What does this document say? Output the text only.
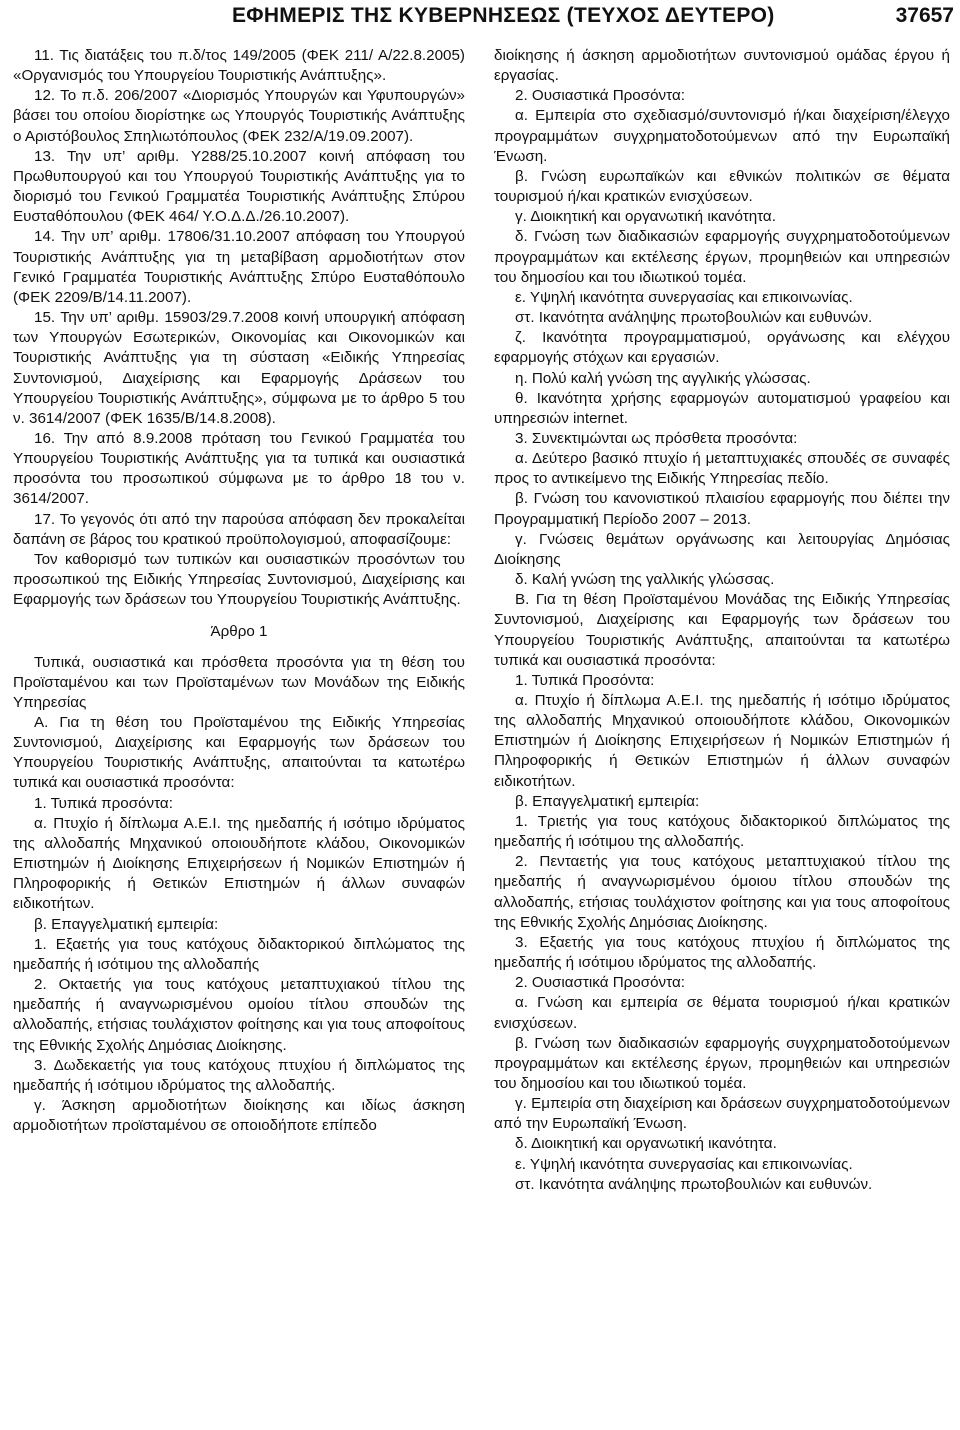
ΕΦΗΜΕΡΙΣ ΤΗΣ ΚΥΒΕΡΝΗΣΕΩΣ (ΤΕΥΧΟΣ ΔΕΥΤΕΡΟ)	37657

11. Τις διατάξεις του π.δ/τος 149/2005 (ΦΕΚ 211/ Α/22.8.2005) «Οργανισμός του Υπουργείου Τουριστικής Ανάπτυξης».

12. Το π.δ. 206/2007 «Διορισμός Υπουργών και Υφυπουργών» βάσει του οποίου διορίστηκε ως Υπουργός Τουριστικής Ανάπτυξης ο Αριστόβουλος Σπηλιωτόπουλος (ΦΕΚ 232/Α/19.09.2007).

13. Την υπ’ αριθμ. Υ288/25.10.2007 κοινή απόφαση του Πρωθυπουργού και του Υπουργού Τουριστικής Ανάπτυξης για το διορισμό του Γενικού Γραμματέα Τουριστικής Ανάπτυξης Σπύρου Ευσταθόπουλου (ΦΕΚ 464/ Υ.Ο.Δ.Δ./26.10.2007).

14. Την υπ’ αριθμ. 17806/31.10.2007 απόφαση του Υπουργού Τουριστικής Ανάπτυξης για τη μεταβίβαση αρμοδιοτήτων στον Γενικό Γραμματέα Τουριστικής Ανάπτυξης Σπύρο Ευσταθόπουλο (ΦΕΚ 2209/Β/14.11.2007).

15. Την υπ’ αριθμ. 15903/29.7.2008 κοινή υπουργική απόφαση των Υπουργών Εσωτερικών, Οικονομίας και Οικονομικών και Τουριστικής Ανάπτυξης για τη σύσταση «Ειδικής Υπηρεσίας Συντονισμού, Διαχείρισης και Εφαρμογής Δράσεων του Υπουργείου Τουριστικής Ανάπτυξης», σύμφωνα με το άρθρο 5 του ν. 3614/2007 (ΦΕΚ 1635/Β/14.8.2008).

16. Την από 8.9.2008 πρόταση του Γενικού Γραμματέα του Υπουργείου Τουριστικής Ανάπτυξης για τα τυπικά και ουσιαστικά προσόντα του προσωπικού σύμφωνα με το άρθρο 18 του ν. 3614/2007.

17. Το γεγονός ότι από την παρούσα απόφαση δεν προκαλείται δαπάνη σε βάρος του κρατικού προϋπολογισμού, αποφασίζουμε:

Τον καθορισμό των τυπικών και ουσιαστικών προσόντων του προσωπικού της Ειδικής Υπηρεσίας Συντονισμού, Διαχείρισης και Εφαρμογής των δράσεων του Υπουργείου Τουριστικής Ανάπτυξης.

Άρθρο 1

Τυπικά, ουσιαστικά και πρόσθετα προσόντα για τη θέση του Προϊσταμένου και των Προϊσταμένων των Μονάδων της Ειδικής Υπηρεσίας

Α. Για τη θέση του Προϊσταμένου της Ειδικής Υπηρεσίας Συντονισμού, Διαχείρισης και Εφαρμογής των δράσεων του Υπουργείου Τουριστικής Ανάπτυξης, απαιτούνται τα κατωτέρω τυπικά και ουσιαστικά προσόντα:

1. Τυπικά προσόντα:

α. Πτυχίο ή δίπλωμα Α.Ε.Ι. της ημεδαπής ή ισότιμο ιδρύματος της αλλοδαπής Μηχανικού οποιουδήποτε κλάδου, Οικονομικών Επιστημών ή Διοίκησης Επιχειρήσεων ή Νομικών Επιστημών ή Πληροφορικής ή Θετικών Επιστημών ή άλλων συναφών ειδικοτήτων.

β. Επαγγελματική εμπειρία:

1. Εξαετής για τους κατόχους διδακτορικού διπλώματος της ημεδαπής ή ισότιμου της αλλοδαπής

2. Οκταετής για τους κατόχους μεταπτυχιακού τίτλου της ημεδαπής ή αναγνωρισμένου ομοίου τίτλου σπουδών της αλλοδαπής, ετήσιας τουλάχιστον φοίτησης και για τους αποφοίτους της Εθνικής Σχολής Δημόσιας Διοίκησης.

3. Δωδεκαετής για τους κατόχους πτυχίου ή διπλώματος της ημεδαπής ή ισότιμου ιδρύματος της αλλοδαπής.

γ. Άσκηση αρμοδιοτήτων διοίκησης και ιδίως άσκηση αρμοδιοτήτων προϊσταμένου σε οποιοδήποτε επίπεδο

διοίκησης ή άσκηση αρμοδιοτήτων συντονισμού ομάδας έργου ή εργασίας.

2. Ουσιαστικά Προσόντα:

α. Εμπειρία στο σχεδιασμό/συντονισμό ή/και διαχείριση/έλεγχο προγραμμάτων συγχρηματοδοτούμενων από την Ευρωπαϊκή Ένωση.

β. Γνώση ευρωπαϊκών και εθνικών πολιτικών σε θέματα τουρισμού ή/και κρατικών ενισχύσεων.

γ. Διοικητική και οργανωτική ικανότητα.

δ. Γνώση των διαδικασιών εφαρμογής συγχρηματοδοτούμενων προγραμμάτων και εκτέλεσης έργων, προμηθειών και υπηρεσιών του δημοσίου και του ιδιωτικού τομέα.

ε. Υψηλή ικανότητα συνεργασίας και επικοινωνίας.

στ. Ικανότητα ανάληψης πρωτοβουλιών και ευθυνών.

ζ. Ικανότητα προγραμματισμού, οργάνωσης και ελέγχου εφαρμογής στόχων και εργασιών.

η. Πολύ καλή γνώση της αγγλικής γλώσσας.

θ. Ικανότητα χρήσης εφαρμογών αυτοματισμού γραφείου και υπηρεσιών internet.

3. Συνεκτιμώνται ως πρόσθετα προσόντα:

α. Δεύτερο βασικό πτυχίο ή μεταπτυχιακές σπουδές σε συναφές προς το αντικείμενο της Ειδικής Υπηρεσίας πεδίο.

β. Γνώση του κανονιστικού πλαισίου εφαρμογής που διέπει την Προγραμματική Περίοδο 2007 – 2013.

γ. Γνώσεις θεμάτων οργάνωσης και λειτουργίας Δημόσιας Διοίκησης

δ. Καλή γνώση της γαλλικής γλώσσας.

Β. Για τη θέση Προϊσταμένου Μονάδας της Ειδικής Υπηρεσίας Συντονισμού, Διαχείρισης και Εφαρμογής των δράσεων του Υπουργείου Τουριστικής Ανάπτυξης, απαιτούνται τα κατωτέρω τυπικά και ουσιαστικά προσόντα:

1. Τυπικά Προσόντα:

α. Πτυχίο ή δίπλωμα Α.Ε.Ι. της ημεδαπής ή ισότιμο ιδρύματος της αλλοδαπής Μηχανικού οποιουδήποτε κλάδου, Οικονομικών Επιστημών ή Διοίκησης Επιχειρήσεων ή Νομικών Επιστημών ή Πληροφορικής ή Θετικών Επιστημών ή άλλων συναφών ειδικοτήτων.

β. Επαγγελματική εμπειρία:

1. Τριετής για τους κατόχους διδακτορικού διπλώματος της ημεδαπής ή ισότιμου της αλλοδαπής.

2. Πενταετής για τους κατόχους μεταπτυχιακού τίτλου της ημεδαπής ή αναγνωρισμένου όμοιου τίτλου σπουδών της αλλοδαπής, ετήσιας τουλάχιστον φοίτησης και για τους αποφοίτους της Εθνικής Σχολής Δημόσιας Διοίκησης.

3. Εξαετής για τους κατόχους πτυχίου ή διπλώματος της ημεδαπής ή ισότιμου ιδρύματος της αλλοδαπής.

2. Ουσιαστικά Προσόντα:

α. Γνώση και εμπειρία σε θέματα τουρισμού ή/και κρατικών ενισχύσεων.

β. Γνώση των διαδικασιών εφαρμογής συγχρηματοδοτούμενων προγραμμάτων και εκτέλεσης έργων, προμηθειών και υπηρεσιών του δημοσίου και του ιδιωτικού τομέα.

γ. Εμπειρία στη διαχείριση και δράσεων συγχρηματοδοτούμενων από την Ευρωπαϊκή Ένωση.

δ. Διοικητική και οργανωτική ικανότητα.

ε. Υψηλή ικανότητα συνεργασίας και επικοινωνίας.

στ. Ικανότητα ανάληψης πρωτοβουλιών και ευθυνών.
